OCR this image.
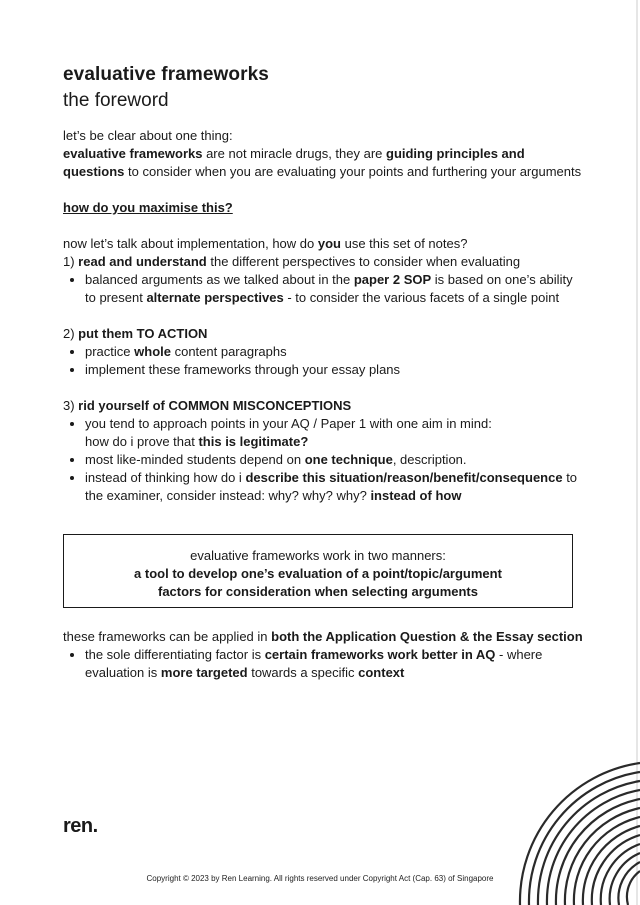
evaluative frameworks
the foreword

let’s be clear about one thing:

evaluative frameworks are not miracle drugs, they are guiding principles and questions to consider when you are evaluating your points and furthering your arguments

how do you maximise this?

now let’s talk about implementation, how do you use this set of notes?

1) read and understand the different perspectives to consider when evaluating

• balanced arguments as we talked about in the paper 2 SOP is based on one’s ability to present alternate perspectives - to consider the various facets of a single point

2) put them TO ACTION

• practice whole content paragraphs
• implement these frameworks through your essay plans

3) rid yourself of COMMON MISCONCEPTIONS

• you tend to approach points in your AQ / Paper 1 with one aim in mind:
how do i prove that this is legitimate?
• most like-minded students depend on one technique, description.
• instead of thinking how do i describe this situation/reason/benefit/consequence to the examiner, consider instead: why? why? why? instead of how

evaluative frameworks work in two manners:

a tool to develop one’s evaluation of a point/topic/argument

factors for consideration when selecting arguments

these frameworks can be applied in both the Application Question & the Essay section

• the sole differentiating factor is certain frameworks work better in AQ - where evaluation is more targeted towards a specific context
ren.
Copyright © 2023 by Ren Learning. All rights reserved under Copyright Act (Cap. 63) of Singapore
